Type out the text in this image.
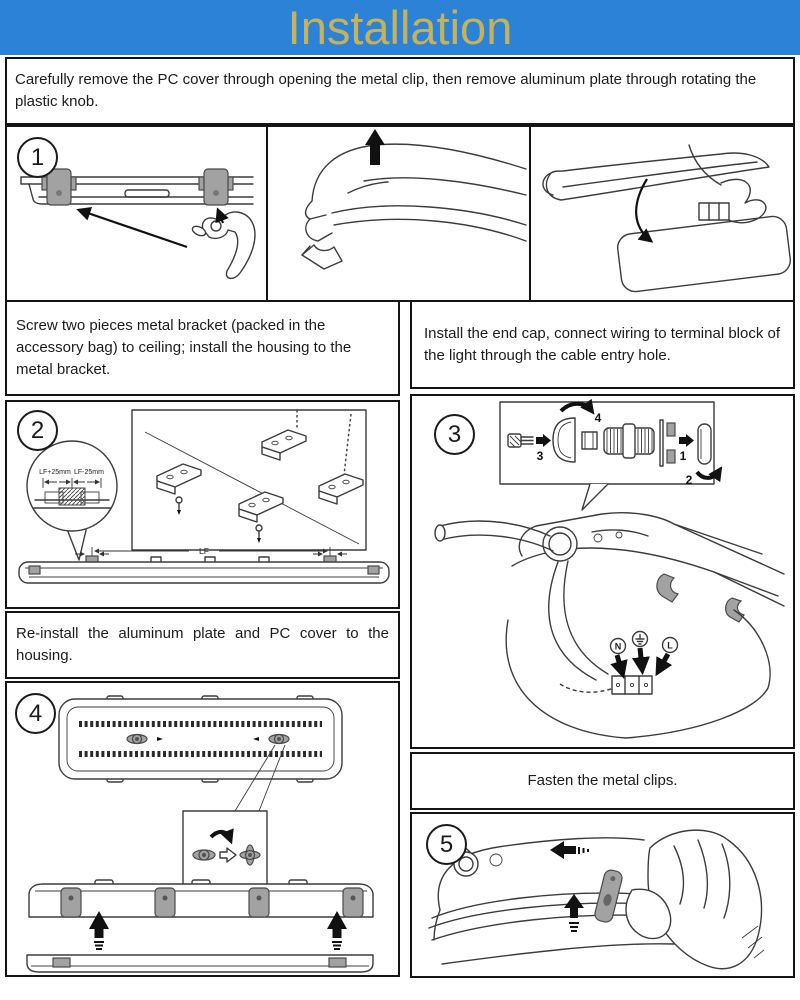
Installation

Carefully remove the PC cover through opening the metal clip, then remove aluminum plate through rotating the plastic knob.

1

Screw two pieces metal bracket (packed in the accessory bag) to ceiling; install the housing to the metal bracket.

Install the end cap, connect wiring to terminal block of the light through the cable entry hole.

2
LF+25mm LF-25mm
LF

Re-install the aluminum plate and PC cover to the housing.

4
3
3
4
1
2
N	L

Fasten the metal clips.

5
